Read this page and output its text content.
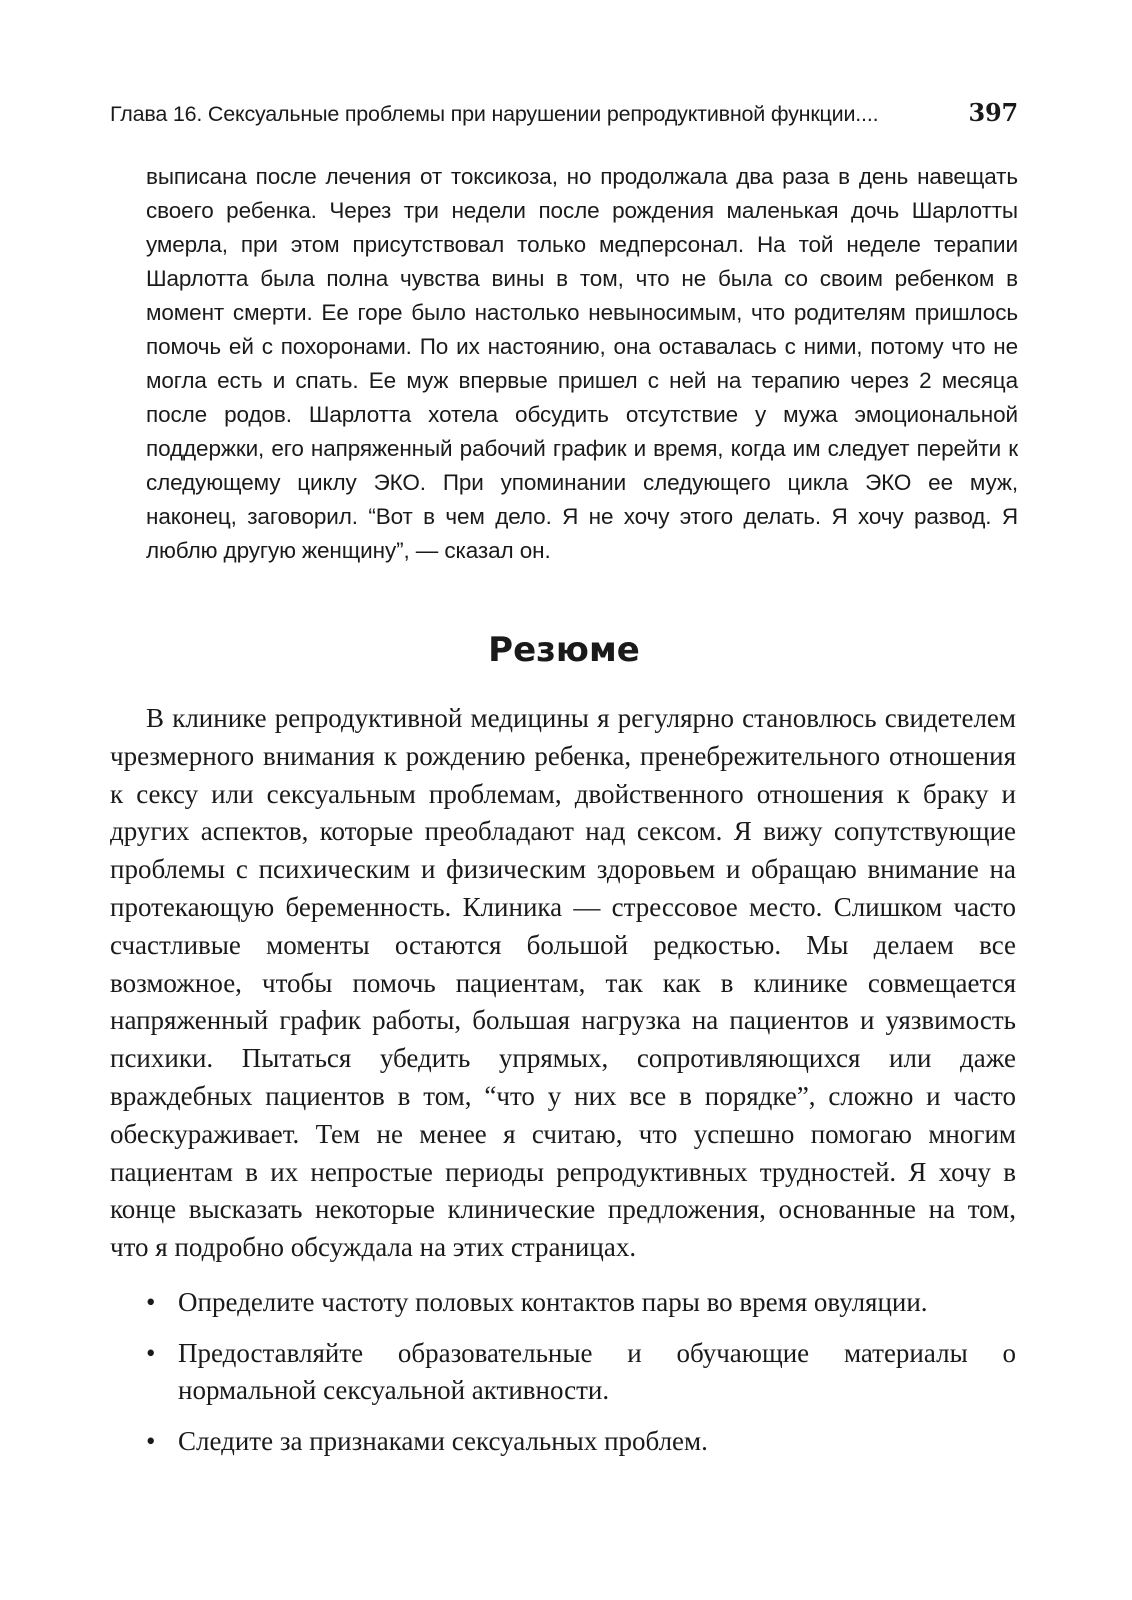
Глава 16. Сексуальные проблемы при нарушении репродуктивной функции....	397

выписана после лечения от токсикоза, но продолжала два раза в день навещать своего ребенка. Через три недели после рождения маленькая дочь Шарлотты умерла, при этом присутствовал только медперсонал. На той неделе терапии Шарлотта была полна чувства вины в том, что не была со своим ребенком в момент смерти. Ее горе было настолько невыносимым, что родителям пришлось помочь ей с похоронами. По их настоянию, она оставалась с ними, потому что не могла есть и спать. Ее муж впервые пришел с ней на терапию через 2 месяца после родов. Шарлотта хотела обсудить отсутствие у мужа эмоциональной поддержки, его напряженный рабочий график и время, когда им следует перейти к следующему циклу ЭКО. При упоминании следующего цикла ЭКО ее муж, наконец, заговорил. “Вот в чем дело. Я не хочу этого делать. Я хочу развод. Я люблю другую женщину”, — сказал он.

Резюме

В клинике репродуктивной медицины я регулярно становлюсь свидетелем чрезмерного внимания к рождению ребенка, пренебрежительного отношения к сексу или сексуальным проблемам, двойственного отношения к браку и других аспектов, которые преобладают над сексом. Я вижу сопутствующие проблемы с психическим и физическим здоровьем и обращаю внимание на протекающую беременность. Клиника — стрессовое место. Слишком часто счастливые моменты остаются большой редкостью. Мы делаем все возможное, чтобы помочь пациентам, так как в клинике совмещается напряженный график работы, большая нагрузка на пациентов и уязвимость психики. Пытаться убедить упрямых, сопротивляющихся или даже враждебных пациентов в том, “что у них все в порядке”, сложно и часто обескураживает. Тем не менее я считаю, что успешно помогаю многим пациентам в их непростые периоды репродуктивных трудностей. Я хочу в конце высказать некоторые клинические предложения, основанные на том, что я подробно обсуждала на этих страницах.

• Определите частоту половых контактов пары во время овуляции.
• Предоставляйте образовательные и обучающие материалы о нормальной сексуальной активности.
• Следите за признаками сексуальных проблем.
